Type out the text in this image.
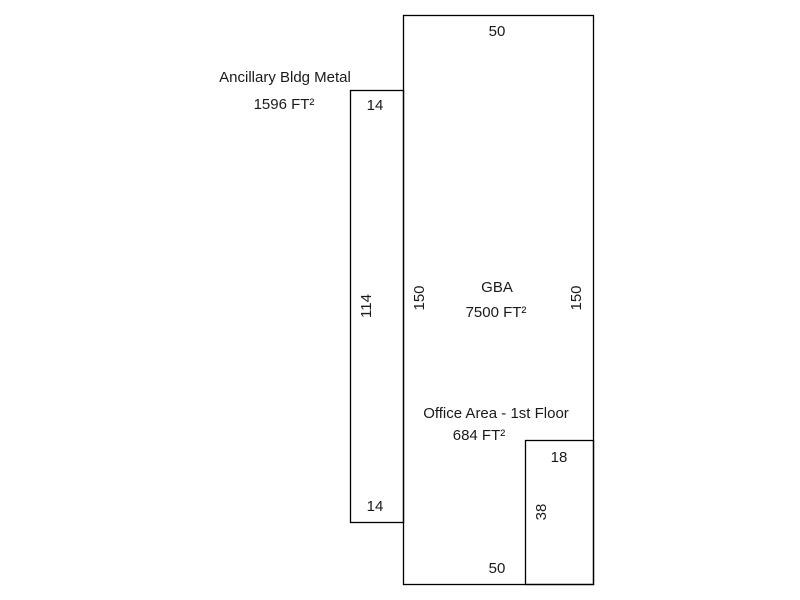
50
50
150	150
GBA
7500 FT²
Ancillary Bldg Metal
1596 FT²	14
14
114
Office Area - 1st Floor
684 FT²
18
38
